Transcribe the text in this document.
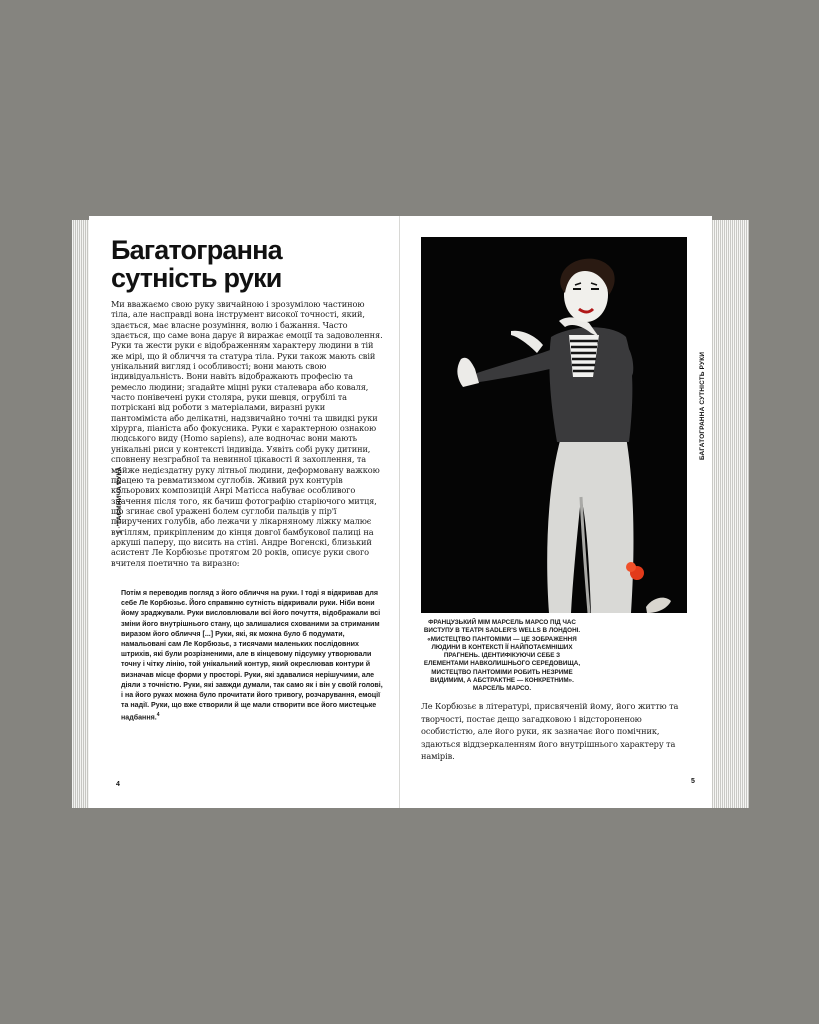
Багатогранна сутність руки

Ми вважаємо свою руку звичайною і зрозумілою частиною тіла, але насправді вона інструмент високої точності, який, здається, має власне розуміння, волю і бажання. Часто здається, що саме вона дарує й виражає емоції та задоволення. Руки та жести руки є відображенням характеру людини в тій же мірі, що й обличчя та статура тіла. Руки також мають свій унікальний вигляд і особливості; вони мають свою індивідуальність. Вони навіть відображають професію та ремесло людини; згадайте міцні руки сталевара або коваля, часто понівечені руки столяра, руки шевця, огрубілі та потріскані від роботи з матеріалами, виразні руки пантоміміста або делікатні, надзвичайно точні та швидкі руки хірурга, піаніста або фокусника. Руки є характерною ознакою людського виду (Homo sapiens), але водночас вони мають унікальні риси у контексті індивіда. Уявіть собі руку дитини, сповнену незграбної та невинної цікавості й захоплення, та майже недієздатну руку літньої людини, деформовану важкою працею та ревматизмом суглобів. Живий рух контурів кольорових композицій Анрі Матісса набуває особливого значення після того, як бачиш фотографію старіючого митця, що згинає свої уражені болем суглоби пальців у пір'ї приручених голубів, або лежачи у лікарняному ліжку малює вугіллям, прикріпленим до кінця довгої бамбукової палиці на аркуші паперу, що висить на стіні. Андре Вогенскі, близький асистент Ле Корбюзьє протягом 20 років, описує руки свого вчителя поетично та виразно:

Потім я переводив погляд з його обличчя на руки. І тоді я відкривав для себе Ле Корбюзьє. Його справжню сутність відкривали руки. Ніби вони йому зраджували. Руки висловлювали всі його почуття, відображали всі зміни його внутрішнього стану, що залишалися схованими за стриманим виразом його обличчя [...] Руки, які, як можна було б подумати, намальовані сам Ле Корбюзьє, з тисячами маленьких послідовних штрихів, які були розрізненими, але в кінцевому підсумку утворювали точну і чітку лінію, той унікальний контур, який окреслював контури й визначав місце форми у просторі. Руки, які здавалися нерішучими, але діяли з точністю. Руки, які завжди думали, так само як і він у своїй голові, і на його руках можна було прочитати його тривогу, розчарування, емоції та надії. Руки, що вже створили й ще мали створити все його мистецьке надбання.$^4$

1 · ТАЄМНИЧА РУКА
4

ФРАНЦУЗЬКИЙ МІМ МАРСЕЛЬ МАРСО ПІД ЧАС ВИСТУПУ В ТЕАТРІ SADLER'S WELLS В ЛОНДОНІ. «МИСТЕЦТВО ПАНТОМІМИ — ЦЕ ЗОБРАЖЕННЯ ЛЮДИНИ В КОНТЕКСТІ ЇЇ НАЙПОТАЄМНІШИХ ПРАГНЕНЬ. ІДЕНТИФІКУЮЧИ СЕБЕ З ЕЛЕМЕНТАМИ НАВКОЛИШНЬОГО СЕРЕДОВИЩА, МИСТЕЦТВО ПАНТОМІМИ РОБИТЬ НЕЗРИМЕ ВИДИМИМ, А АБСТРАКТНЕ — КОНКРЕТНИМ». МАРСЕЛЬ МАРСО.

Ле Корбюзьє в літературі, присвяченій йому, його життю та творчості, постає дещо загадковою і відстороненою особистістю, але його руки, як зазначає його помічник, здаються віддзеркаленням його внутрішнього характеру та намірів.

БАГАТОГРАННА СУТНІСТЬ РУКИ
5
